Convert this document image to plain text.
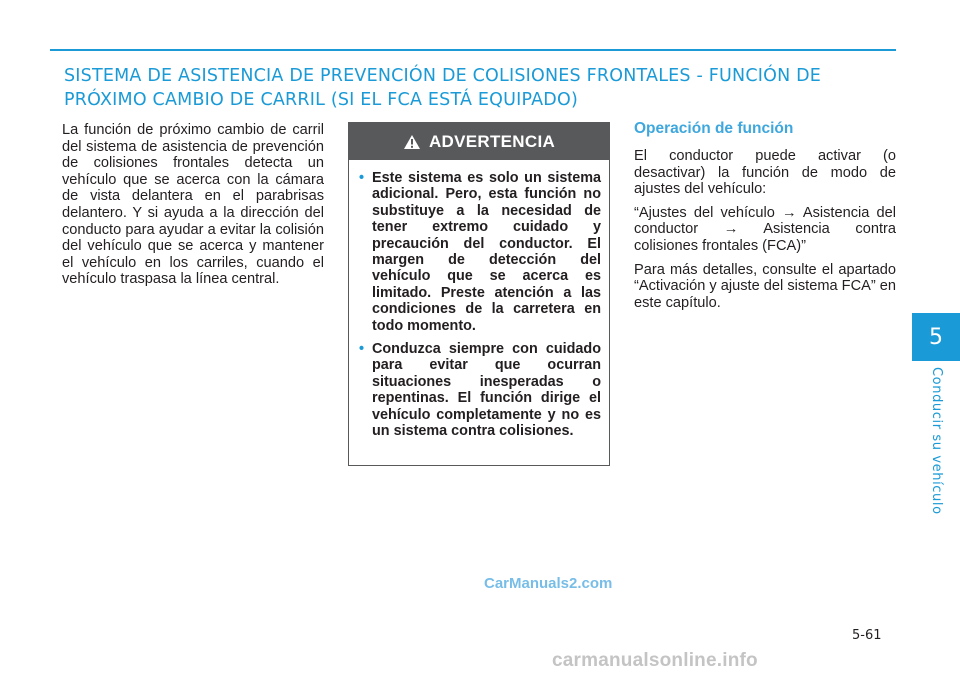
SISTEMA DE ASISTENCIA DE PREVENCIÓN DE COLISIONES FRONTALES - FUNCIÓN DE PRÓXIMO CAMBIO DE CARRIL (SI EL FCA ESTÁ EQUIPADO)

La función de próximo cambio de carril del sistema de asistencia de prevención de colisiones frontales detecta un vehículo que se acerca con la cámara de vista delantera en el parabrisas delantero. Y si ayuda a la dirección del conducto para ayudar a evitar la colisión del vehículo que se acerca y mantener el vehículo en los carriles, cuando el vehículo traspasa la línea central.

ADVERTENCIA
• Este sistema es solo un sistema adicional. Pero, esta función no substituye a la necesidad de tener extremo cuidado y precaución del conductor. El margen de detección del vehículo que se acerca es limitado. Preste atención a las condiciones de la carretera en todo momento.
• Conduzca siempre con cuidado para evitar que ocurran situaciones inesperadas o repentinas. El función dirige el vehículo completamente y no es un sistema contra colisiones.
Operación de función

El conductor puede activar (o desactivar) la función de modo de ajustes del vehículo:

“Ajustes del vehículo → Asistencia del conductor → Asistencia contra colisiones frontales (FCA)”

Para más detalles, consulte el apartado “Activación y ajuste del sistema FCA” en este capítulo.

5
Conducir su vehículo
CarManuals2.com
5-61
carmanualsonline.info
